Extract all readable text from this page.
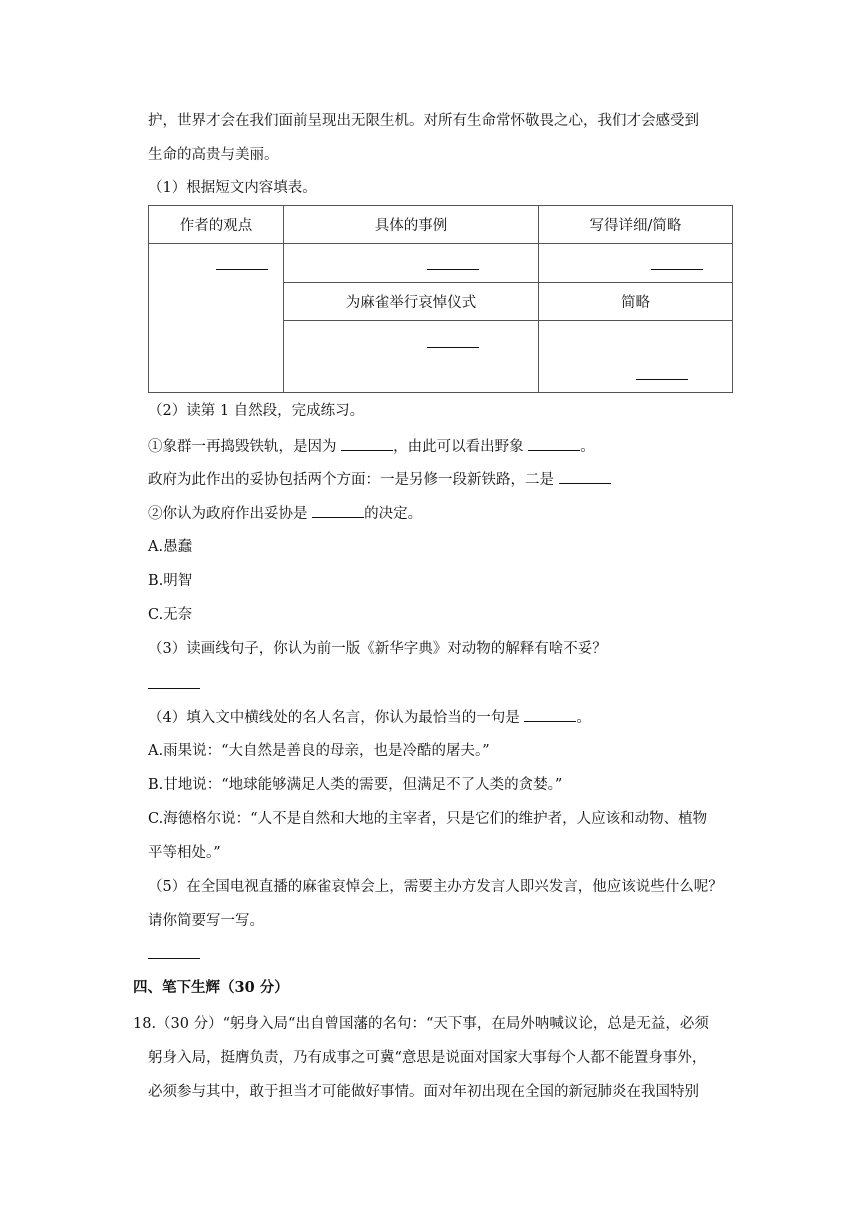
护，世界才会在我们面前呈现出无限生机。对所有生命常怀敬畏之心，我们才会感受到
生命的高贵与美丽。
（1）根据短文内容填表。
作者的观点	具体的事例	写得详细/简略

	为麻雀举行哀悼仪式	简略

（2）读第 1 自然段，完成练习。
①象群一再捣毁铁轨，是因为	，由此可以看出野象	。
政府为此作出的妥协包括两个方面：一是另修一段新铁路，二是
②你认为政府作出妥协是	的决定。
A.愚蠢
B.明智
C.无奈
（3）读画线句子，你认为前一版《新华字典》对动物的解释有啥不妥？
（4）填入文中横线处的名人名言，你认为最恰当的一句是	。
A.雨果说：“大自然是善良的母亲，也是冷酷的屠夫。”
B.甘地说：“地球能够满足人类的需要，但满足不了人类的贪婪。”
C.海德格尔说：“人不是自然和大地的主宰者，只是它们的维护者，人应该和动物、植物
平等相处。”
（5）在全国电视直播的麻雀哀悼会上，需要主办方发言人即兴发言，他应该说些什么呢？
请你简要写一写。
四、笔下生辉（30 分）
18.（30 分）“躬身入局“出自曾国藩的名句：“天下事，在局外呐喊议论，总是无益，必须
躬身入局，挺膺负责，乃有成事之可冀“意思是说面对国家大事每个人都不能置身事外，
必须参与其中，敢于担当才可能做好事情。面对年初出现在全国的新冠肺炎在我国特别
